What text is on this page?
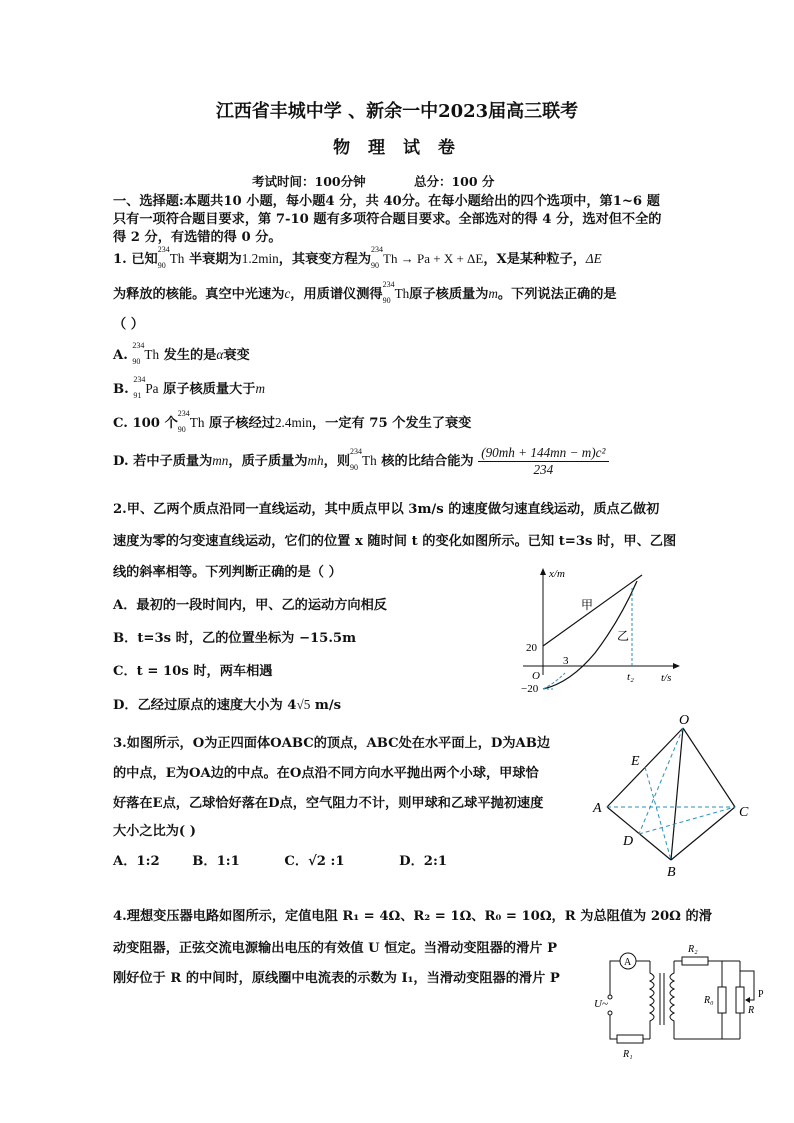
江西省丰城中学 、新余一中2023届高三联考
物 理 试 卷
考试时间：100分钟	总分：100 分
一、选择题:本题共10 小题，每小题4 分，共 40分。在每小题给出的四个选项中，第1~6 题
只有一项符合题目要求，第 7-10 题有多项符合题目要求。全部选对的得 4 分，选对但不全的
得 2 分，有选错的得 0 分。
1. 已知
234
90 Th 半衰期为1.2min，其衰变方程为
234
90 Th → Pa + X + ΔE，X是某种粒子，ΔE
为释放的核能。真空中光速为c，用质谱仪测得
234
90 Th原子核质量为m。下列说法正确的是
（ ）
A.
234
90 Th 发生的是α衰变
B.
234
91 Pa 原子核质量大于m
C. 100 个
234
90 Th 原子核经过2.4min，一定有 75 个发生了衰变
D. 若中子质量为mn，质子质量为mh，则
234
90 Th 核的比结合能为 $\frac{\text{(90mh + 144mn − m)c²}}{234}$
2.甲、乙两个质点沿同一直线运动，其中质点甲以 3m/s 的速度做匀速直线运动，质点乙做初
速度为零的匀变速直线运动，它们的位置 x 随时间 t 的变化如图所示。已知 t=3s 时，甲、乙图
线的斜率相等。下列判断正确的是（ ）
A．最初的一段时间内，甲、乙的运动方向相反
B．t=3s 时，乙的位置坐标为 −15.5m
C．t = 10s 时，两车相遇
D．乙经过原点的速度大小为 4√5 m/s
x/m
t/s
20
−20
O
3
t₂
甲
乙
3.如图所示，O为正四面体OABC的顶点，ABC处在水平面上，D为AB边
的中点，E为OA边的中点。在O点沿不同方向水平抛出两个小球，甲球恰
好落在E点，乙球恰好落在D点，空气阻力不计，则甲球和乙球平抛初速度
大小之比为( )
A．1:2 B．1:1	C．√2 :1	D．2:1
O
A	C
B
D
E
4.理想变压器电路如图所示，定值电阻 R₁ = 4Ω、R₂ = 1Ω、R₀ = 10Ω，R 为总阻值为 20Ω 的滑
动变阻器，正弦交流电源输出电压的有效值 U 恒定。当滑动变阻器的滑片 P
刚好位于 R 的中间时，原线圈中电流表的示数为 I₁，当滑动变阻器的滑片 P
A
U~
R₁
R₂
R₀
R
P
